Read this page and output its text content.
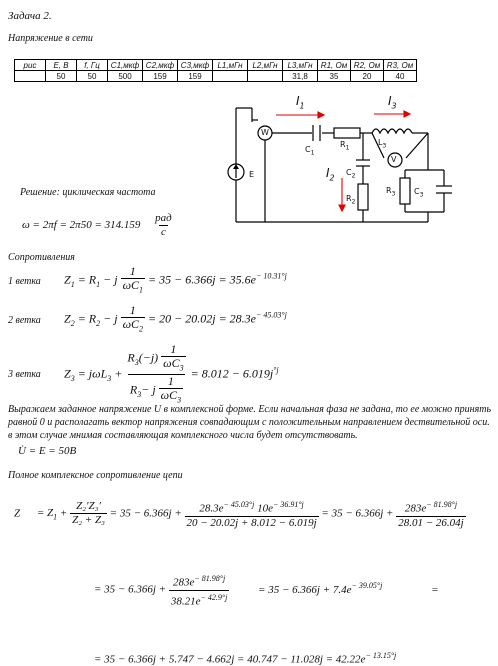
Задача 2.
Напряжение в сети
рис	E, В	f, Гц	C1,мкф	C2,мкф	C3,мкф	L1,мГн	L2,мГн	L3,мГн	R1, Ом	R2, Ом	R3, Ом
	50	50	500	159	159			31,8	35	20	40
$I_1$	$I_3$
$I_2$
E
W
V
$C_1$
$R_1$
$L_3$
$C_2$
$R_2$
$R_3$ $C_3$
Решение: циклическая частота
$\omega = 2\pi f = 2\pi 50 = 314.159 \frac{\text{рад}}{с}$
Сопротивления
1 ветка $Z_1 = R_1 - j \frac{1}{\omega C_1} = 35 - 6.366j = 35.6e^{- 10.31^\circ j}$
2 ветка $Z_2 = R_2 - j \frac{1}{\omega C_2} = 20 - 20.02j = 28.3e^{- 45.03^\circ j}$
3 ветка $Z_3 = j\omega L_3 + \frac{R_3(-j) \frac{1}{\omega C_3}}{R_3- j \frac{1}{\omega C_3}} = 8.012 - 6.019j^{^\circ j}$
Выражаем заданное напряжение U в комплексной форме. Если начальная фаза не задана, то ее можно принять равной 0 и располагать вектор напряжения совпадающим с положительным направлением дествительной оси. в этом случае мнимая составляющая комплексного числа будет отсутствовать.
U̇ = E = 50B
Полное комплексное сопротивление цепи
$Z = Z_1 + \frac{\text{Z₂′Z₃′}}{\text{Z₂ + Z₃}} = 35 - 6.366j + \frac{28.3e^{- 45.03^\circ j} 10e^{- 36.91^\circ j}}{20 - 20.02j + 8.012 - 6.019j} = 35 - 6.366j + \frac{283e^{- 81.98^\circ j}}{28.01 - 26.04j}$
= $35 - 6.366j + \frac{283e^{- 81.98^\circ j}}{38.21e^{- 42.9^\circ j}}$	= $35 - 6.366j + 7.4e^{- 39.05^\circ j}$	=
= $35 - 6.366j + 5.747 - 4.662j = 40.747 - 11.028j = 42.22e^{- 13.15^\circ j}$
